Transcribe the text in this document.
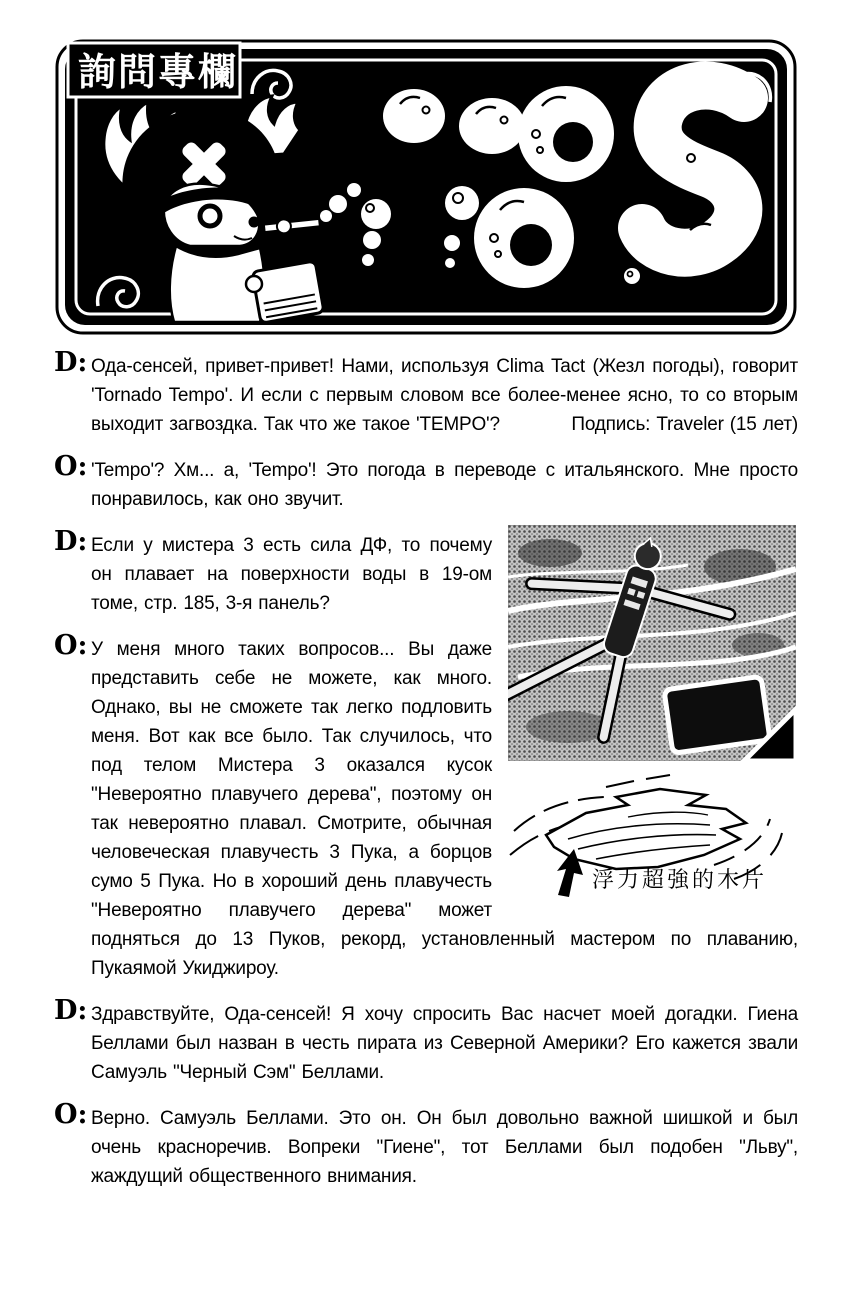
詢問專欄

D: Ода-сенсей, привет-привет! Нами, используя Clima Tact (Жезл погоды), говорит 'Tornado Tempo'. И если с первым словом все более-менее ясно, то со вторым выходит загвоздка. Так что же такое 'TEMPO'?	Подпись: Traveler (15 лет)

O: 'Tempo'? Хм... а, 'Tempo'! Это погода в переводе с итальянского. Мне просто понравилось, как оно звучит.

浮力超強的木片

D: Если у мистера 3 есть сила ДФ, то почему он плавает на поверхности воды в 19-ом томе, стр. 185, 3-я панель?

O: У меня много таких вопросов... Вы даже представить себе не можете, как много. Однако, вы не сможете так легко подловить меня. Вот как все было. Так случилось, что под телом Мистера 3 оказался кусок "Невероятно плавучего дерева", поэтому он так невероятно плавал. Смотрите, обычная человеческая плавучесть 3 Пука, а борцов сумо 5 Пука. Но в хороший день плавучесть "Невероятно плавучего дерева" может подняться до 13 Пуков, рекорд, установленный мастером по плаванию, Пукаямой Укиджироу.

D: Здравствуйте, Ода-сенсей! Я хочу спросить Вас насчет моей догадки. Гиена Беллами был назван в честь пирата из Северной Америки? Его кажется звали Самуэль "Черный Сэм" Беллами.

O: Верно. Самуэль Беллами. Это он. Он был довольно важной шишкой и был очень красноречив. Вопреки "Гиене", тот Беллами был подобен "Льву", жаждущий общественного внимания.
